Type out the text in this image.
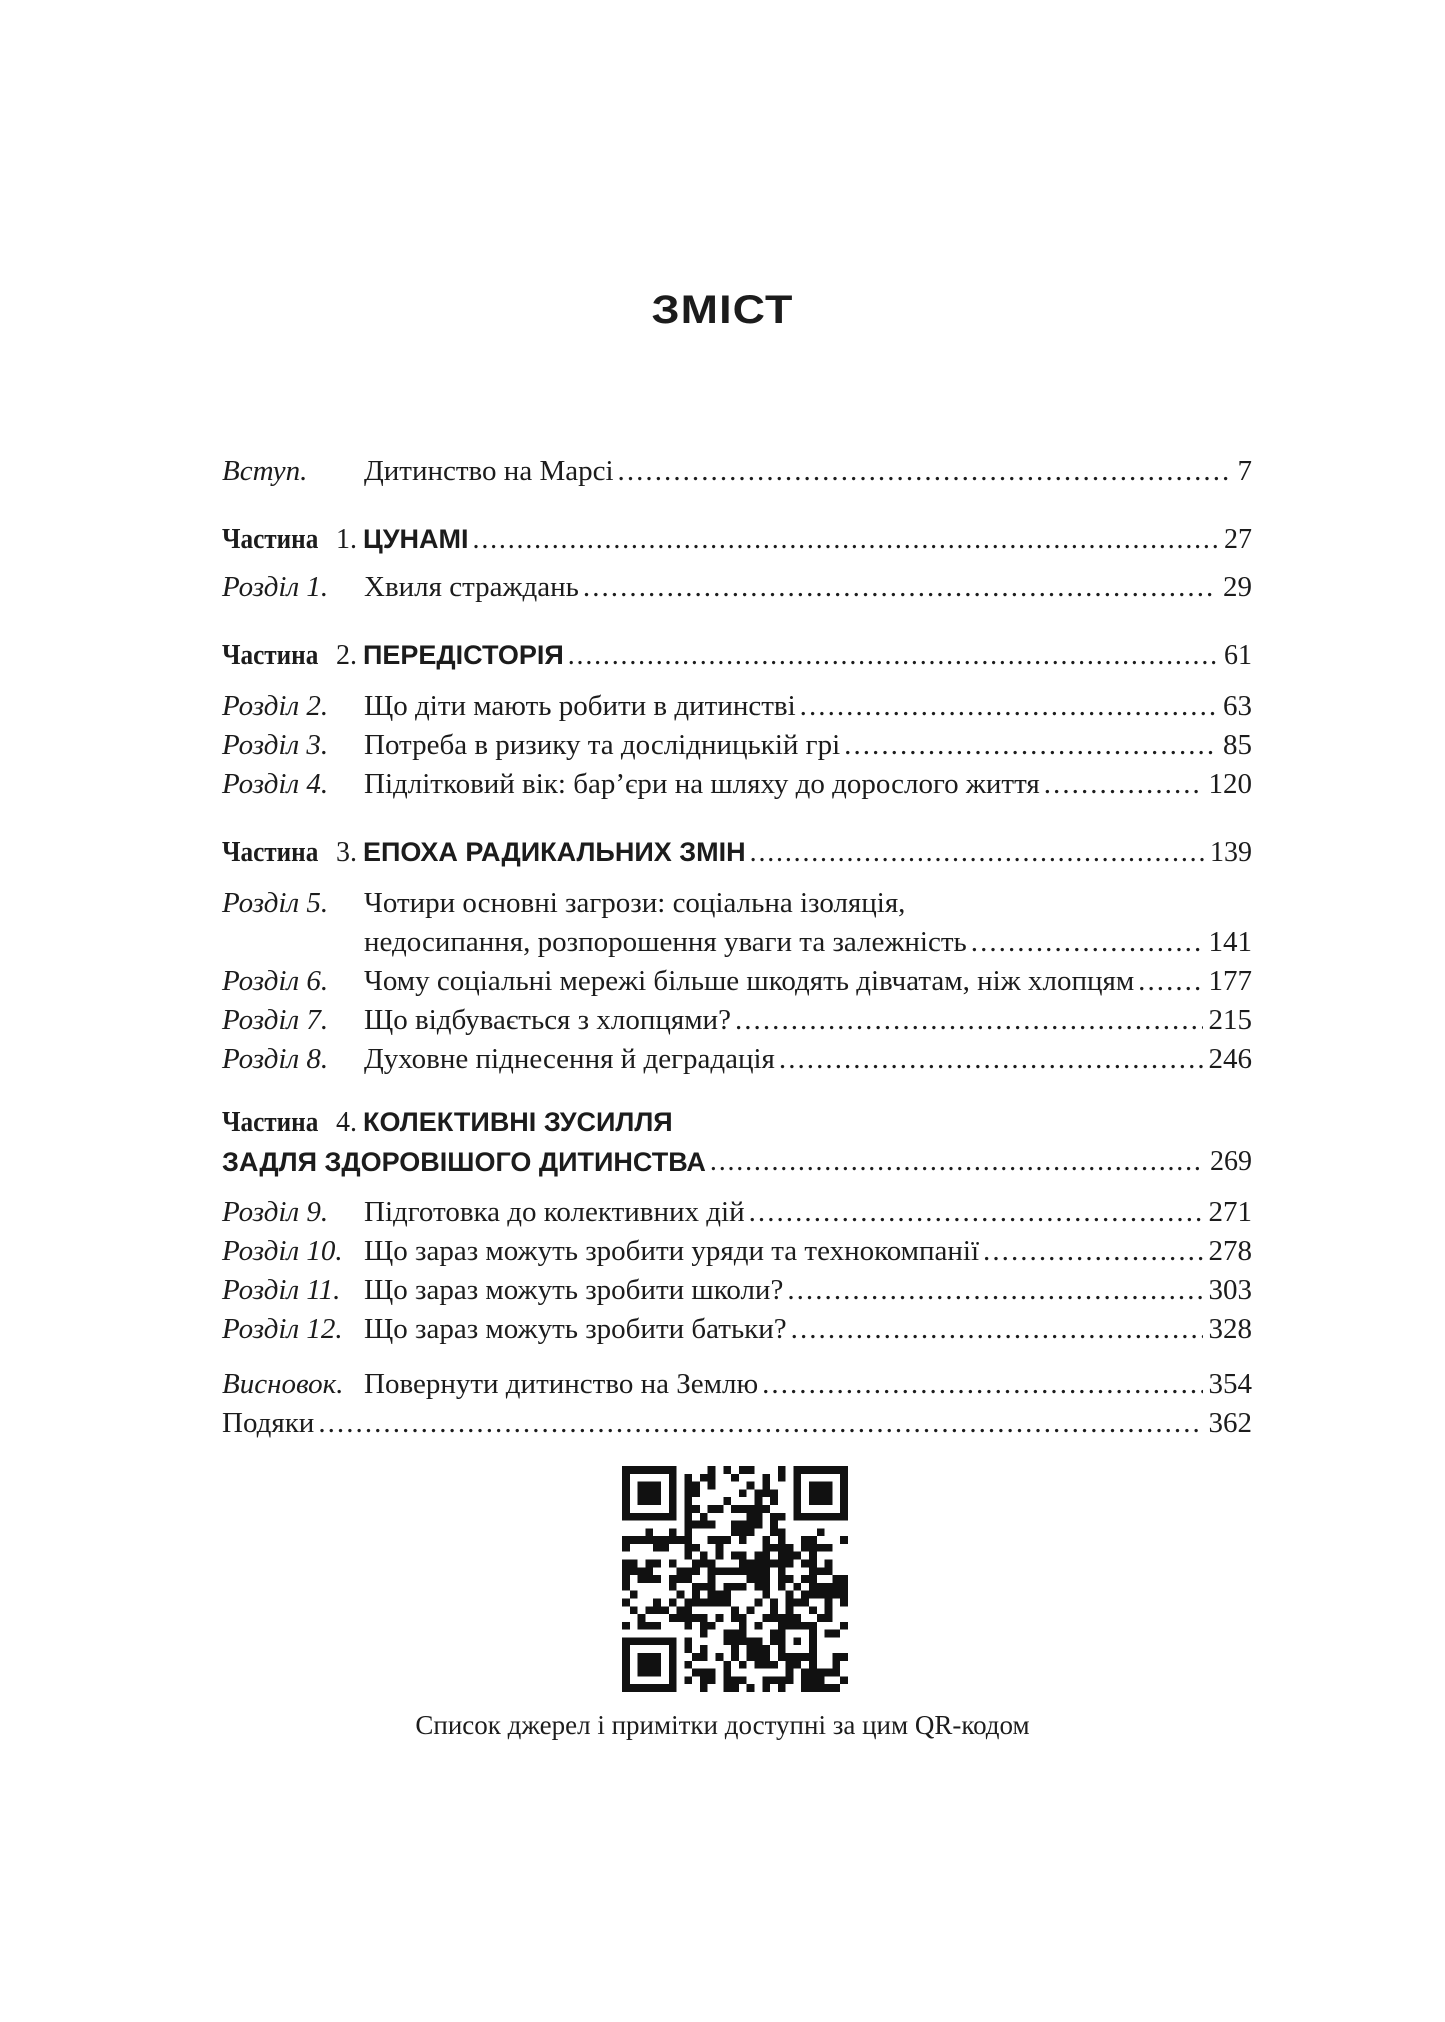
ЗМІСТ
Вступ.	Дитинство на Марсі . . .	7
Частина 1. ЦУНАМІ . . .	27
Розділ 1.	Хвиля страждань . . .	29
Частина 2. ПЕРЕДІСТОРІЯ . . .	61
Розділ 2.	Що діти мають робити в дитинстві . . .	63
Розділ 3.	Потреба в ризику та дослідницькій грі . . .	85
Розділ 4.	Підлітковий вік: бар’єри на шляху до дорослого життя . . .	120
Частина 3. ЕПОХА РАДИКАЛЬНИХ ЗМІН . . .	139
Розділ 5.	Чотири основні загрози: соціальна ізоляція,
недосипання, розпорошення уваги та залежність . . .	141
Розділ 6.	Чому соціальні мережі більше шкодять дівчатам, ніж хлопцям . . .	177
Розділ 7.	Що відбувається з хлопцями? . . .	215
Розділ 8.	Духовне піднесення й деградація . . .	246
Частина 4. КОЛЕКТИВНІ ЗУСИЛЛЯ
ЗАДЛЯ ЗДОРОВІШОГО ДИТИНСТВА . . .	269
Розділ 9.	Підготовка до колективних дій . . .	271
Розділ 10. Що зараз можуть зробити уряди та технокомпанії . . .	278
Розділ 11. Що зараз можуть зробити школи? . . .	303
Розділ 12. Що зараз можуть зробити батьки? . . .	328
Висновок. Повернути дитинство на Землю . . .	354
Подяки . . .	362
Список джерел і примітки доступні за цим QR-кодом
